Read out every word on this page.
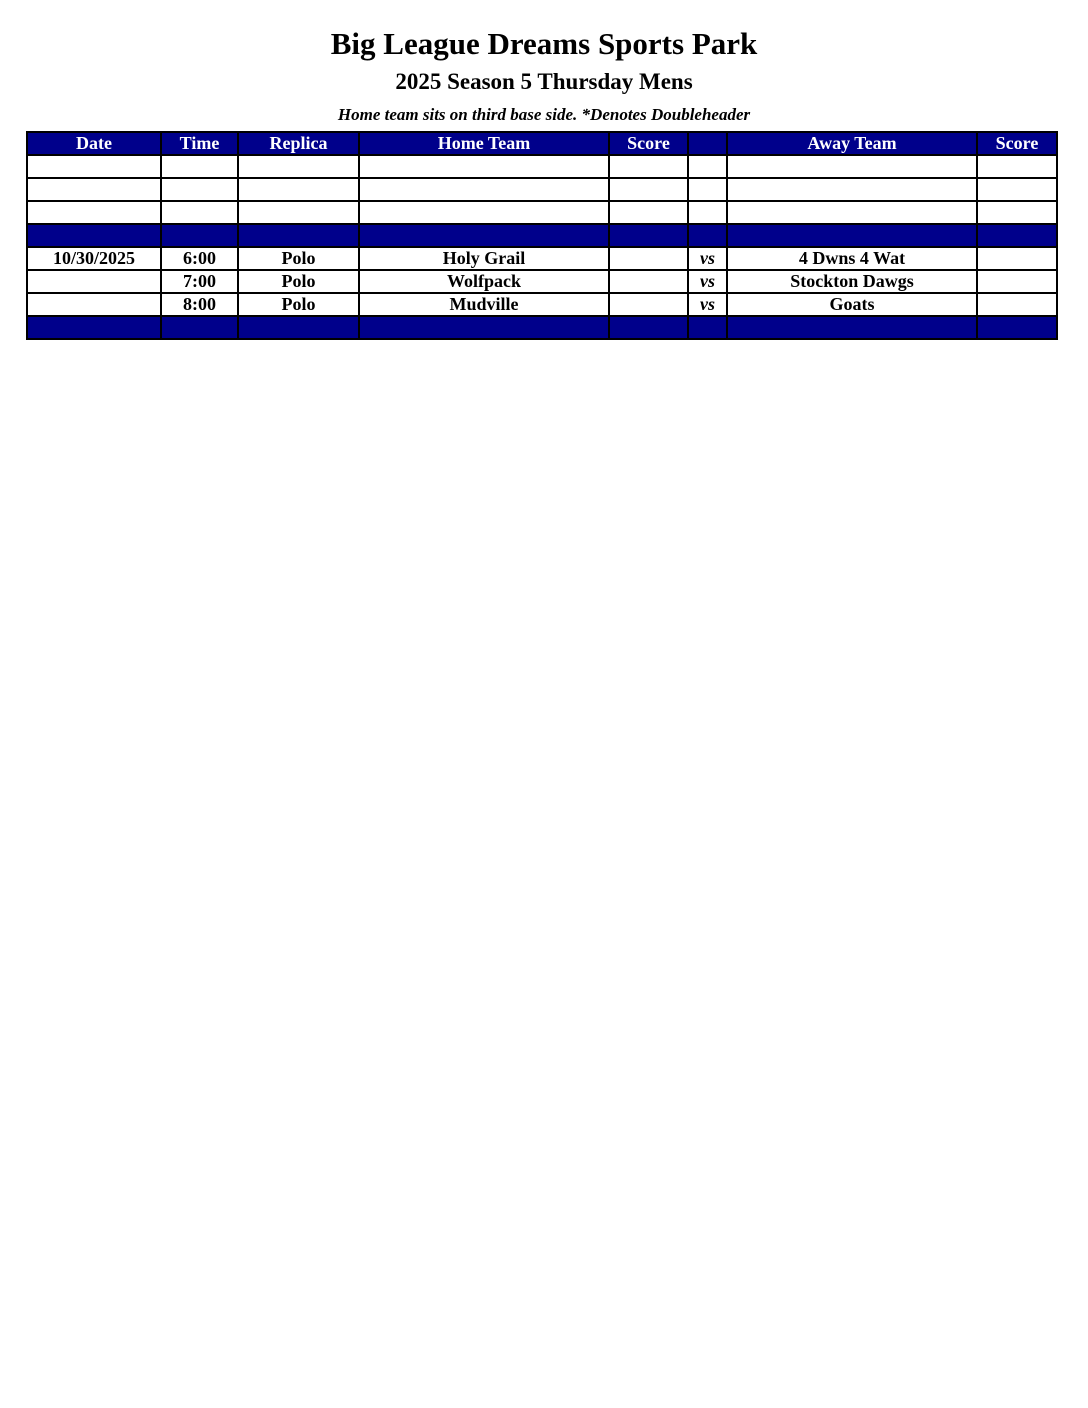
Big League Dreams Sports Park
2025 Season 5 Thursday Mens
Home team sits on third base side. *Denotes Doubleheader
Date	Time	Replica	Home Team	Score		Away Team	Score

10/30/2025	6:00	Polo	Holy Grail		vs	4 Dwns 4 Wat	
	7:00	Polo	Wolfpack		vs	Stockton Dawgs	
	8:00	Polo	Mudville		vs	Goats	
